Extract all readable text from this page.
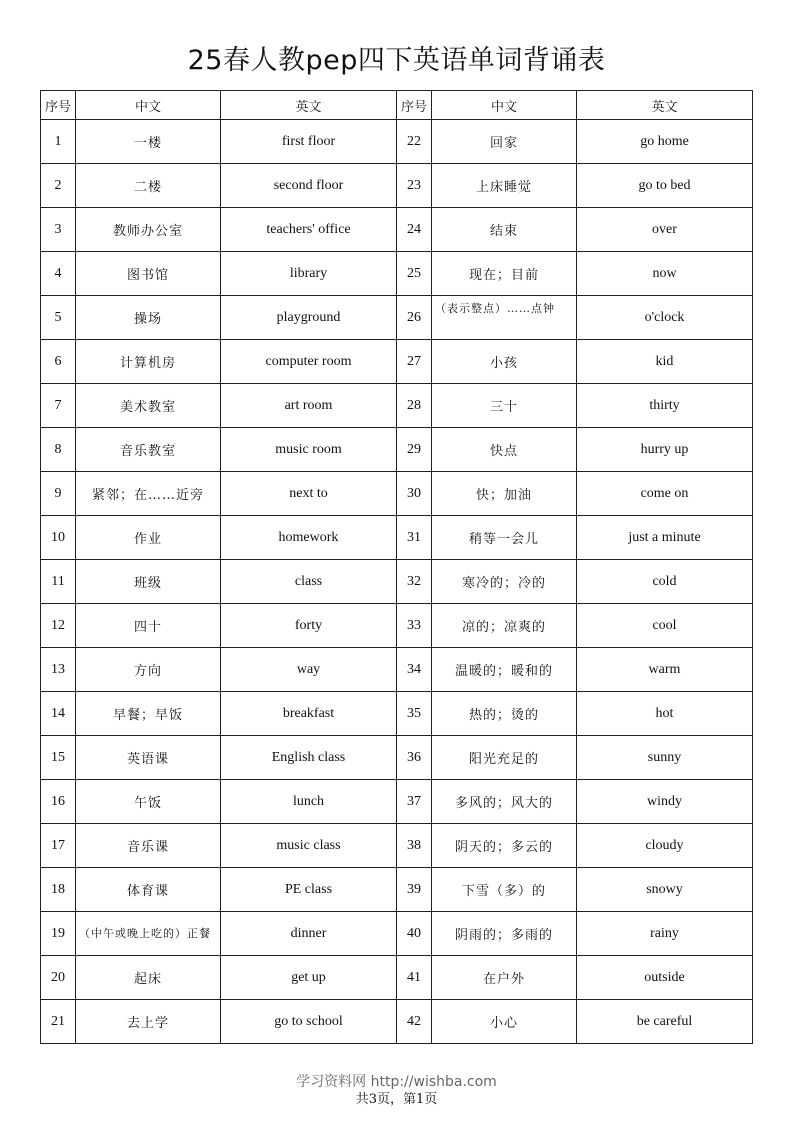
25春人教pep四下英语单词背诵表
序号	中文	英文	序号	中文	英文
1	一楼	first floor	22	回家	go home
2	二楼	second floor	23	上床睡觉	go to bed
3	教师办公室	teachers' office	24	结束	over
4	图书馆	library	25	现在；目前	now
5	操场	playground	26	（表示整点）……点钟	o'clock
6	计算机房	computer room	27	小孩	kid
7	美术教室	art room	28	三十	thirty
8	音乐教室	music room	29	快点	hurry up
9	紧邻；在……近旁	next to	30	快；加油	come on
10	作业	homework	31	稍等一会儿	just a minute
11	班级	class	32	寒冷的；冷的	cold
12	四十	forty	33	凉的；凉爽的	cool
13	方向	way	34	温暖的；暖和的	warm
14	早餐；早饭	breakfast	35	热的；烫的	hot
15	英语课	English class	36	阳光充足的	sunny
16	午饭	lunch	37	多风的；风大的	windy
17	音乐课	music class	38	阴天的；多云的	cloudy
18	体育课	PE class	39	下雪（多）的	snowy
19	（中午或晚上吃的）正餐	dinner	40	阴雨的；多雨的	rainy
20	起床	get up	41	在户外	outside
21	去上学	go to school	42	小心	be careful
学习资料网 http://wishba.com
共3页，第1页
